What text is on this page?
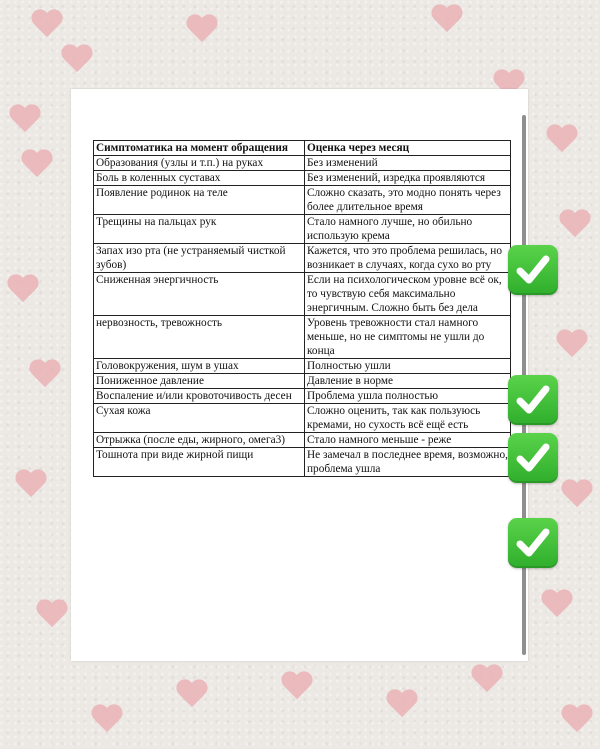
Симптоматика на момент обращения	Оценка через месяц
Образования (узлы и т.п.) на руках	Без изменений
Боль в коленных суставах	Без изменений, изредка проявляются
Появление родинок на теле	Сложно сказать, это модно понять через более длительное время
Трещины на пальцах рук	Стало намного лучше, но обильно использую крема
Запах изо рта (не устраняемый чисткой зубов)	Кажется, что это проблема решилась, но возникает в случаях, когда сухо во рту
Сниженная энергичность	Если на психологическом уровне всё ок, то чувствую себя максимально энергичным. Сложно быть без дела
нервозность, тревожность	Уровень тревожности стал намного меньше, но не симптомы не ушли до конца
Головокружения, шум в ушах	Полностью ушли
Пониженное давление	Давление в норме
Воспаление и/или кровоточивость десен	Проблема ушла полностью
Сухая кожа	Сложно оценить, так как пользуюсь кремами, но сухость всё ещё есть
Отрыжка (после еды, жирного, омега3)	Стало намного меньше - реже
Тошнота при виде жирной пищи	Не замечал в последнее время, возможно, проблема ушла
